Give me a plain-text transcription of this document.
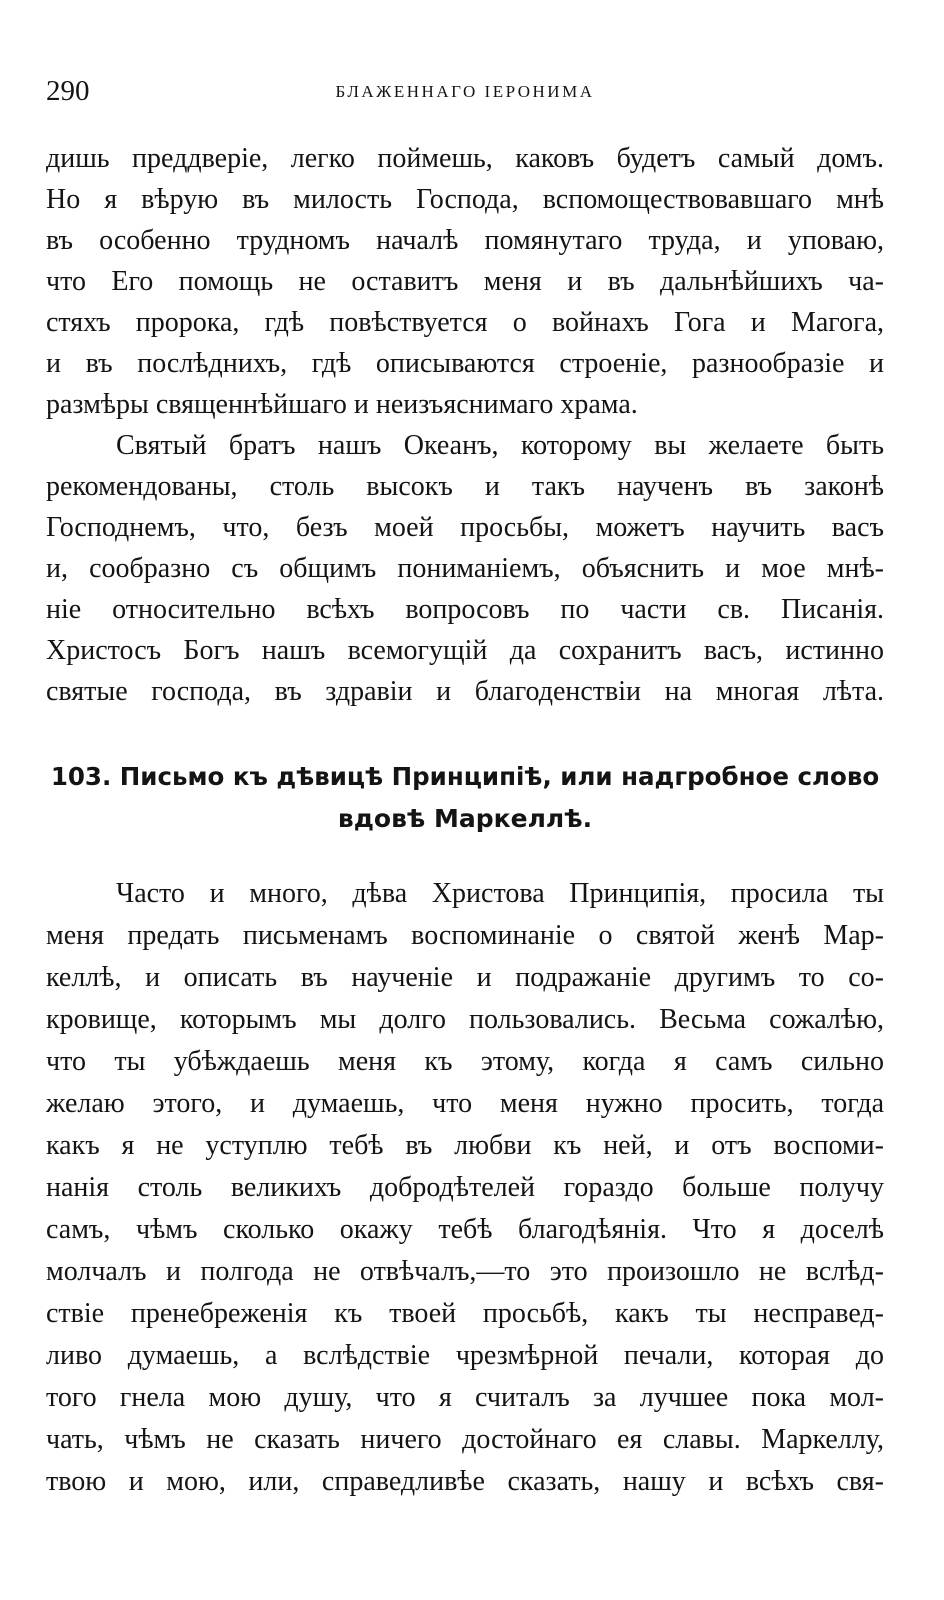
290	БЛАЖЕННАГО ІЕРОНИМА
дишь преддверіе, легко поймешь, каковъ будетъ самый домъ.
Но я вѣрую въ милость Господа, вспомоществовавшаго мнѣ
въ особенно трудномъ началѣ помянутаго труда, и уповаю,
что Его помощь не оставитъ меня и въ дальнѣйшихъ ча-
стяхъ пророка, гдѣ повѣствуется о войнахъ Гога и Магога,
и въ послѣднихъ, гдѣ описываются строеніе, разнообразіе и
размѣры священнѣйшаго и неизъяснимаго храма.
Святый братъ нашъ Океанъ, которому вы желаете быть
рекомендованы, столь высокъ и такъ наученъ въ законѣ
Господнемъ, что, безъ моей просьбы, можетъ научить васъ
и, сообразно съ общимъ пониманіемъ, объяснить и мое мнѣ-
ніе относительно всѣхъ вопросовъ по части св. Писанія.
Христосъ Богъ нашъ всемогущій да сохранитъ васъ, истинно
святые господа, въ здравіи и благоденствіи на многая лѣта.
103. Письмо къ дѣвицѣ Принципіѣ, или надгробное слово
вдовѣ Маркеллѣ.
Часто и много, дѣва Христова Принципія, просила ты
меня предать письменамъ воспоминаніе о святой женѣ Мар-
келлѣ, и описать въ наученіе и подражаніе другимъ то со-
кровище, которымъ мы долго пользовались. Весьма сожалѣю,
что ты убѣждаешь меня къ этому, когда я самъ сильно
желаю этого, и думаешь, что меня нужно просить, тогда
какъ я не уступлю тебѣ въ любви къ ней, и отъ воспоми-
нанія столь великихъ добродѣтелей гораздо больше получу
самъ, чѣмъ сколько окажу тебѣ благодѣянія. Что я доселѣ
молчалъ и полгода не отвѣчалъ,—то это произошло не вслѣд-
ствіе пренебреженія къ твоей просьбѣ, какъ ты несправед-
ливо думаешь, а вслѣдствіе чрезмѣрной печали, которая до
того гнела мою душу, что я считалъ за лучшее пока мол-
чать, чѣмъ не сказать ничего достойнаго ея славы. Маркеллу,
твою и мою, или, справедливѣе сказать, нашу и всѣхъ свя-
